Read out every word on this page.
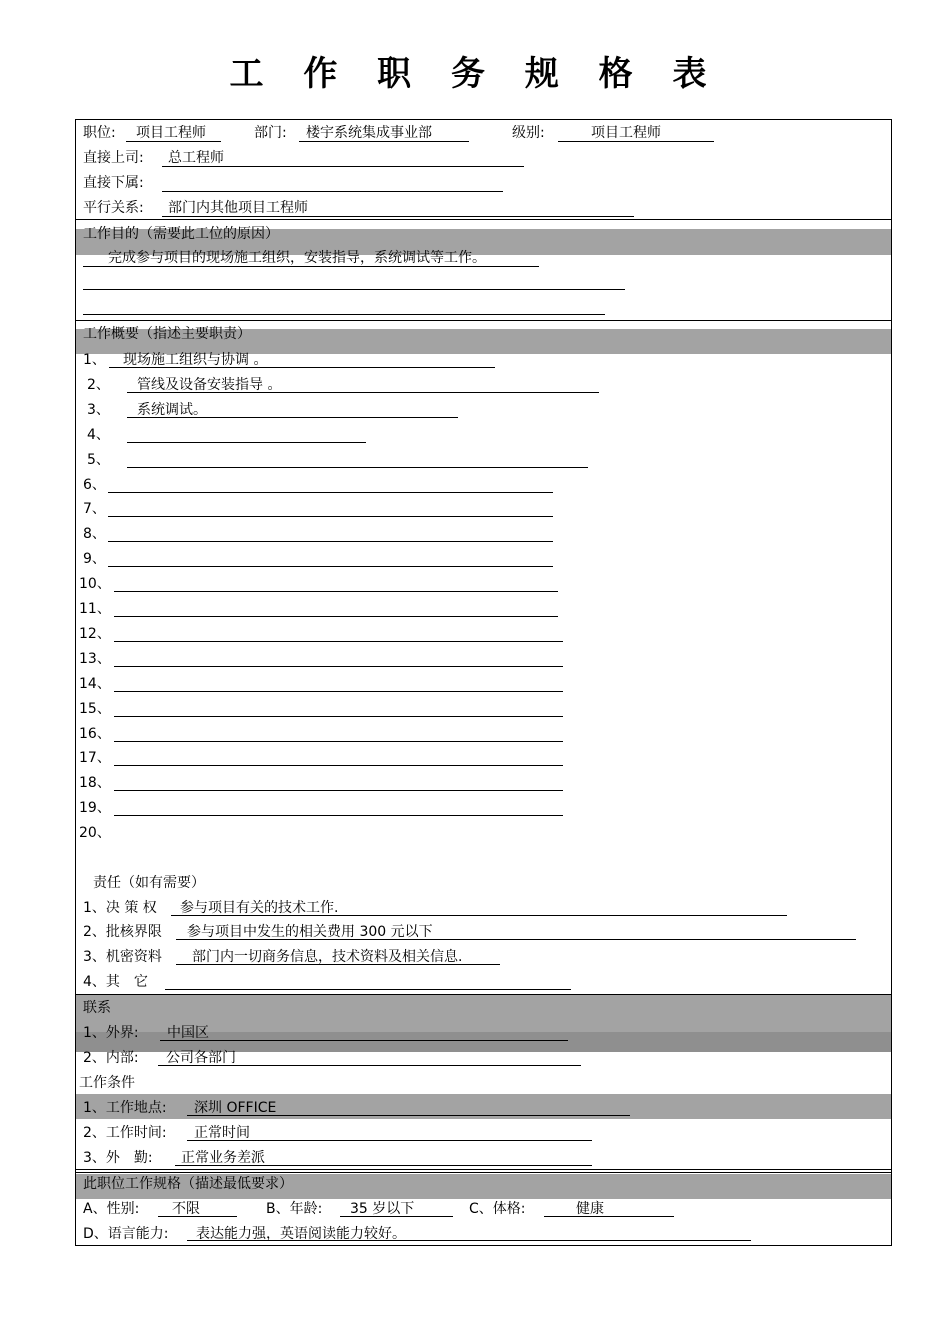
工 作 职 务 规 格 表
职位: 项目工程师	部门: 楼宇系统集成事业部	级别:	项目工程师
直接上司: 总工程师
直接下属:
平行关系: 部门内其他项目工程师
工作目的（需要此工位的原因）
完成参与项目的现场施工组织，安装指导，系统调试等工作。
工作概要（指述主要职责）
1、 现场施工组织与协调 。
2、 管线及设备安装指导 。
3、 系统调试。
4、
5、
6、
7、
8、
9、
10、
11、
12、
13、
14、
15、
16、
17、
18、
19、
20、
责任（如有需要）
1、决 策 权 参与项目有关的技术工作.
2、批核界限 参与项目中发生的相关费用 300 元以下
3、机密资料 部门内一切商务信息，技术资料及相关信息.
4、其　它
联系
1、外界: 中国区
2、内部: 公司各部门
工作条件
1、工作地点: 深圳 OFFICE
2、工作时间: 正常时间
3、外　勤: 正常业务差派
此职位工作规格（描述最低要求）
A、性别: 不限	B、年龄: 35 岁以下	C、体格:	健康
D、语言能力: 表达能力强，英语阅读能力较好。
